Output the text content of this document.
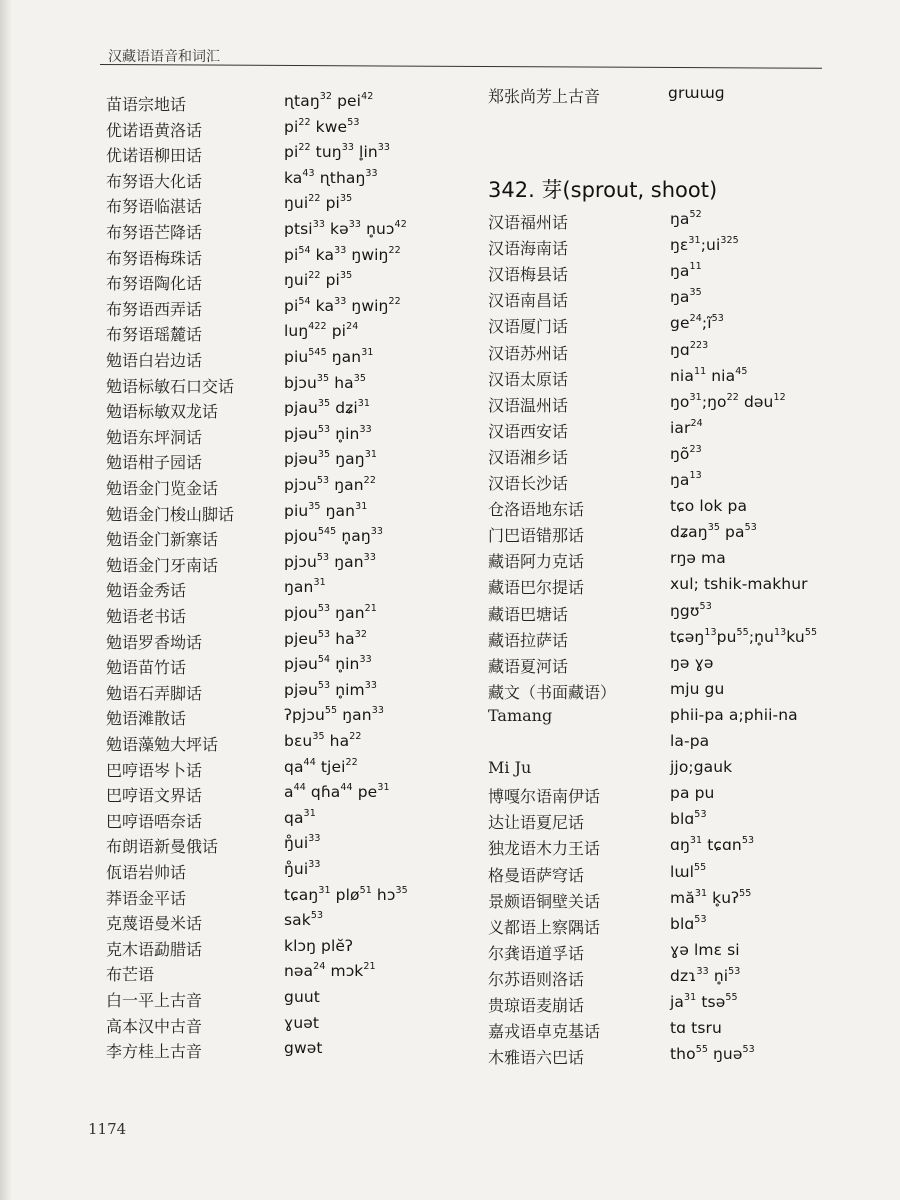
汉藏语语音和词汇
苗语宗地话	ɳtaŋ$^{32}$ pei$^{42}$
优诺语黄洛话	$pi^{22}$ kwe$^{53}$
优诺语柳田话	$pi^{22}$ tuŋ$^{33}$ $l̥in^{33}$
布努语大化话	$ka^{43}$ ɳthaŋ$^{33}$
布努语临湛话	ŋui$^{22}$ $pi^{35}$
布努语芒降话	ptsi$^{33}$ kə$^{33}$ n̥uɔ$^{42}$
布努语梅珠话	$pi^{54}$ $ka^{33}$ ŋwiŋ$^{22}$
布努语陶化话	ŋui$^{22}$ $pi^{35}$
布努语西弄话	$pi^{54}$ $ka^{33}$ ŋwiŋ$^{22}$
布努语瑶麓话	luŋ$^{422}$ $pi^{24}$
勉语白岩边话	piu$^{545}$ ŋan$^{31}$
勉语标敏石口交话	bjɔu$^{35}$ $ha^{35}$
勉语标敏双龙话	pjau$^{35}$ dʑi$^{31}$
勉语东坪洞话	pjəu$^{53}$ $n̥in^{33}$
勉语柑子园话	pjəu$^{35}$ ŋaŋ$^{31}$
勉语金门览金话	pjɔu$^{53}$ ŋan$^{22}$
勉语金门梭山脚话	piu$^{35}$ ŋan$^{31}$
勉语金门新寨话	pjou$^{545}$ $n̥aŋ^{33}$
勉语金门牙南话	pjɔu$^{53}$ ŋan$^{33}$
勉语金秀话	ŋan$^{31}$
勉语老书话	pjou$^{53}$ ŋan$^{21}$
勉语罗香坳话	pjeu$^{53}$ $ha^{32}$
勉语苗竹话	pjəu$^{54}$ $n̥in^{33}$
勉语石弄脚话	pjəu$^{53}$ $n̥im^{33}$
勉语滩散话	ʔpjɔu$^{55}$ ŋan$^{33}$
勉语藻勉大坪话	bɛu$^{35}$ $ha^{22}$
巴哼语岑卜话	$qa^{44}$ tjei$^{22}$
巴哼语文界话	$a^{44}$ qɦa$^{44}$ $pe^{31}$
巴哼语唔奈话	$qa^{31}$
布朗语新曼俄话	$ŋ̊ui^{33}$
佤语岩帅话	$ŋ̊ui^{33}$
莽语金平话	tɕaŋ$^{31}$ plø$^{51}$ hɔ$^{35}$
克蔑语曼米话	sak$^{53}$
克木语勐腊话	klɔŋ plĕʔ
布芒语	nəa$^{24}$ mɔk$^{21}$
白一平上古音	guut
高本汉中古音	ɣuət
李方桂上古音	gwət
郑张尚芳上古音	grɯɯɡ
342. 芽(sprout, shoot)
汉语福州话	$ŋa^{52}$
汉语海南话	$ŋɛ^{31};ui^{325}$
汉语梅县话	$ŋa^{11}$
汉语南昌话	$ŋa^{35}$
汉语厦门话	$ge^{24};ĩ^{53}$
汉语苏州话	ŋɑ$^{223}$
汉语太原话	nia$^{11}$ nia$^{45}$
汉语温州话	$ŋo^{31};ŋo^{22}$ dəu$^{12}$
汉语西安话	iar$^{24}$
汉语湘乡话	$ŋõ^{23}$
汉语长沙话	$ŋa^{13}$
仓洛语地东话	tɕo lok pa
门巴语错那话	dʑaŋ$^{35}$ $pa^{53}$
藏语阿力克话	rŋə ma
藏语巴尔提话	xul; tshik-makhur
藏语巴塘话	ŋgʊ$^{53}$
藏语拉萨话	$tɕəŋ^{13}pu^{55};n̥u^{13}ku^{55}$
藏语夏河话	ŋə ɣə
藏文（书面藏语）	mju gu
Tamang	phii-pa a;phii-na
la-pa
Mi Ju	jjo;gauk
博嘎尔语南伊话	pa pu
达让语夏尼话	blɑ$^{53}$
独龙语木力王话	ɑŋ$^{31}$ tɕɑn$^{53}$
格曼语萨穹话	lɯl$^{55}$
景颇语铜壁关话	$mă^{31}$ k̥uʔ$^{55}$
义都语上察隅话	blɑ$^{53}$
尔龚语道孚话	ɣə lmɛ si
尔苏语则洛话	dzɿ$^{33}$ $n̥i^{53}$
贵琼语麦崩话	$ja^{31}$ tsə$^{55}$
嘉戎语卓克基话	tɑ tsru
木雅语六巴话	tho$^{55}$ ŋuə$^{53}$
1174
